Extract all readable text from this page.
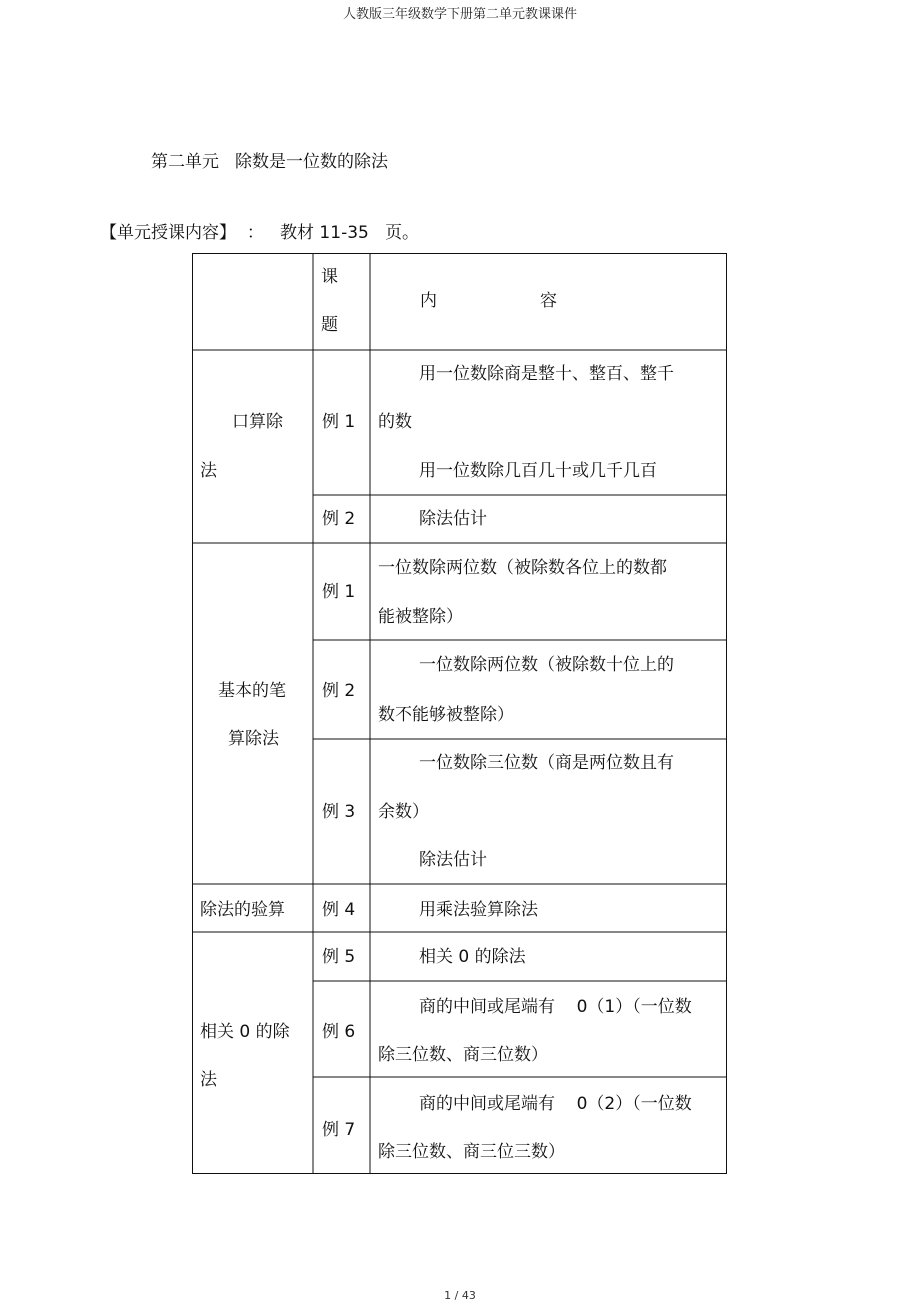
人教版三年级数学下册第二单元教课课件
第二单元 除数是一位数的除法
【单元授课内容】 ： 教材 11-35 页。
课
题
内	容
口算除
法
基本的笔
算除法
除法的验算
相关 0 的除
法
例 1
例 2
例 1
例 2
例 3
例 4
例 5
例 6
例 7
用一位数除商是整十、整百、整千
的数
用一位数除几百几十或几千几百
除法估计
一位数除两位数（被除数各位上的数都
能被整除）
一位数除两位数（被除数十位上的
数不能够被整除）
一位数除三位数（商是两位数且有
余数）
除法估计
用乘法验算除法
相关 0 的除法
商的中间或尾端有    0（1）（一位数
除三位数、商三位数）
商的中间或尾端有    0（2）（一位数
除三位数、商三位三数）
1 / 43
